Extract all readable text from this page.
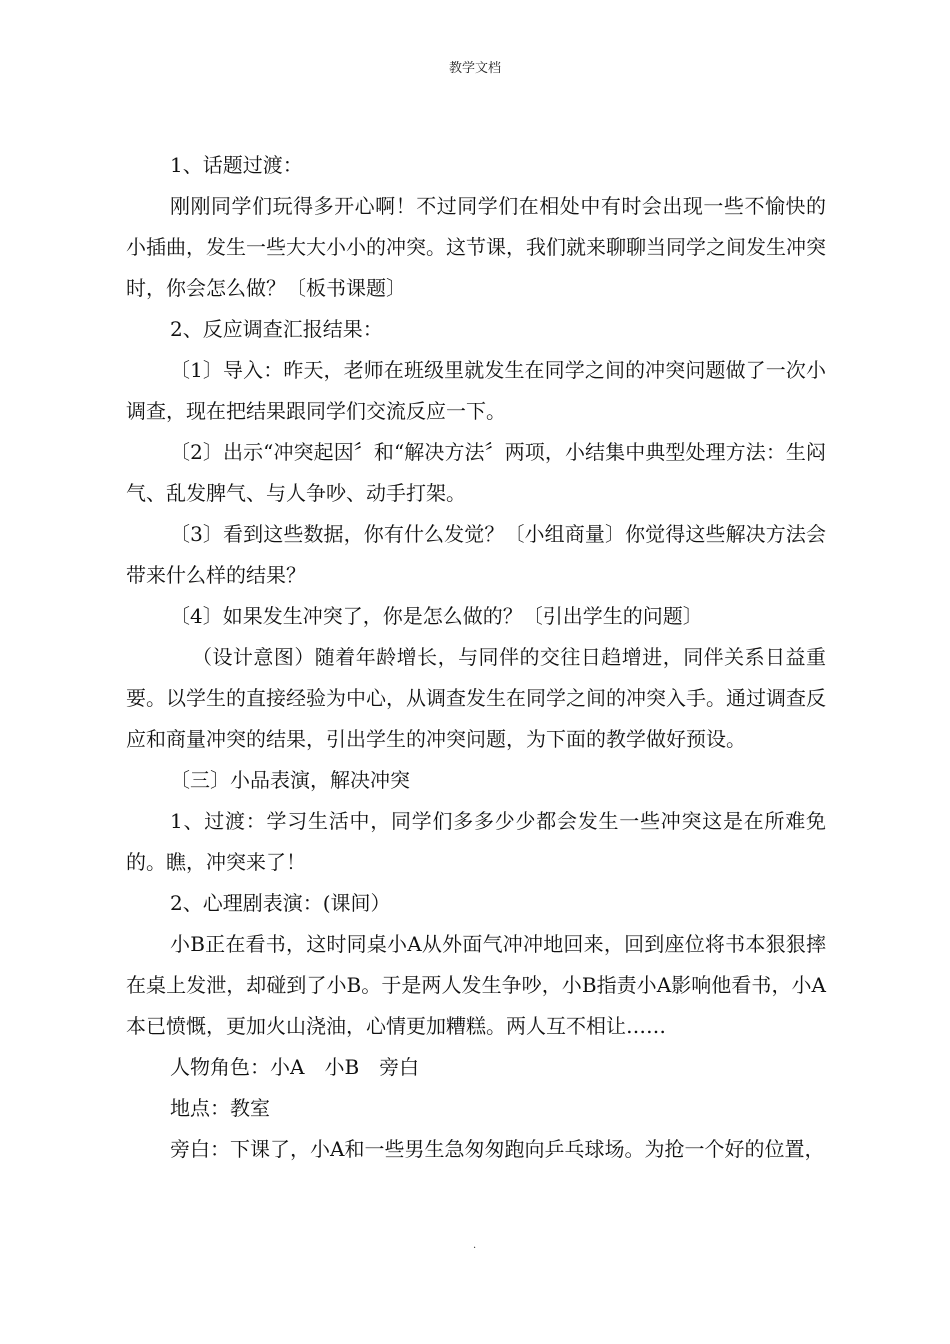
教学文档

1、话题过渡：

刚刚同学们玩得多开心啊！不过同学们在相处中有时会出现一些不愉快的小插曲，发生一些大大小小的冲突。这节课，我们就来聊聊当同学之间发生冲突时，你会怎么做？〔板书课题〕

2、反应调查汇报结果：

〔1〕导入：昨天，老师在班级里就发生在同学之间的冲突问题做了一次小调查，现在把结果跟同学们交流反应一下。

〔2〕出示“冲突起因〞和“解决方法〞两项，小结集中典型处理方法：生闷气、乱发脾气、与人争吵、动手打架。

〔3〕看到这些数据，你有什么发觉？〔小组商量〕你觉得这些解决方法会带来什么样的结果？

〔4〕如果发生冲突了，你是怎么做的？〔引出学生的问题〕

（设计意图）随着年龄增长，与同伴的交往日趋增进，同伴关系日益重要。以学生的直接经验为中心，从调查发生在同学之间的冲突入手。通过调查反应和商量冲突的结果，引出学生的冲突问题，为下面的教学做好预设。

〔三〕小品表演，解决冲突

1、过渡：学习生活中，同学们多多少少都会发生一些冲突这是在所难免的。瞧，冲突来了！

2、心理剧表演：(课间）

小B正在看书，这时同桌小A从外面气冲冲地回来，回到座位将书本狠狠摔在桌上发泄，却碰到了小B。于是两人发生争吵，小B指责小A影响他看书，小A本已愤慨，更加火山浇油，心情更加糟糕。两人互不相让……

人物角色：小A　小B　旁白

地点：教室

旁白：下课了，小A和一些男生急匆匆跑向乒乓球场。为抢一个好的位置，

.
